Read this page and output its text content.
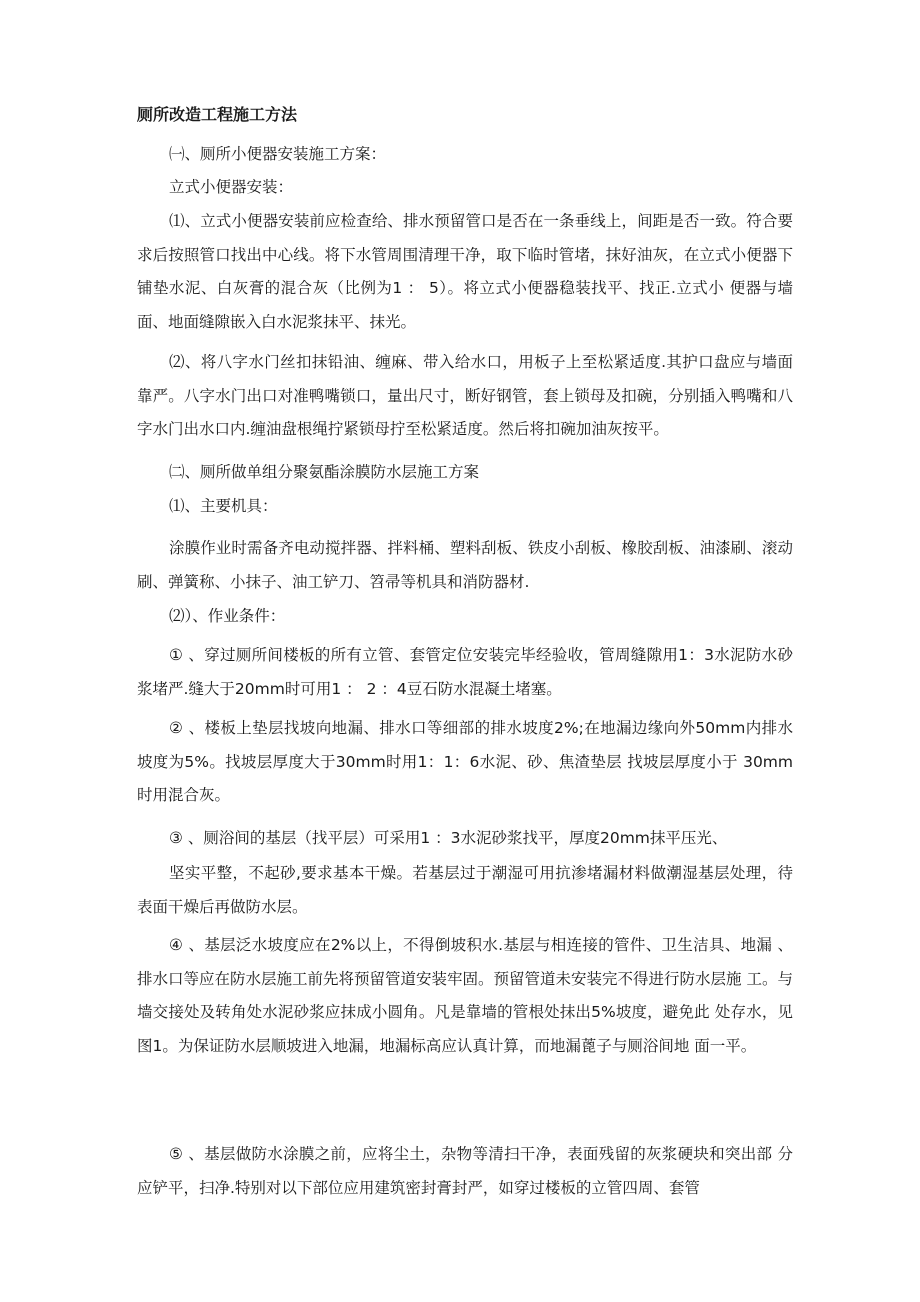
厕所改造工程施工方法

㈠、厕所小便器安装施工方案：

立式小便器安装：

⑴、立式小便器安装前应检查给、排水预留管口是否在一条垂线上，间距是否一致。符合要求后按照管口找出中心线。将下水管周围清理干净，取下临时管堵，抹好油灰，在立式小便器下铺垫水泥、白灰膏的混合灰（比例为1 ： 5）。将立式小便器稳装找平、找正.立式小 便器与墙面、地面缝隙嵌入白水泥浆抹平、抹光。

⑵、将八字水门丝扣抹铅油、缠麻、带入给水口，用板子上至松紧适度.其护口盘应与墙面靠严。八字水门出口对准鸭嘴锁口，量出尺寸，断好钢管，套上锁母及扣碗，分别插入鸭嘴和八字水门出水口内.缠油盘根绳拧紧锁母拧至松紧适度。然后将扣碗加油灰按平。

㈡、厕所做单组分聚氨酯涂膜防水层施工方案

⑴、主要机具：

涂膜作业时需备齐电动搅拌器、拌料桶、塑料刮板、铁皮小刮板、橡胶刮板、油漆刷、滚动刷、弹簧称、小抹子、油工铲刀、笤帚等机具和消防器材.

⑵）、作业条件：

① 、穿过厕所间楼板的所有立管、套管定位安装完毕经验收，管周缝隙用1：3水泥防水砂浆堵严.缝大于20mm时可用1 ： 2 ：4豆石防水混凝土堵塞。

② 、楼板上垫层找坡向地漏、排水口等细部的排水坡度2%;在地漏边缘向外50mm内排水坡度为5%。找坡层厚度大于30mm时用1：1：6水泥、砂、焦渣垫层 找坡层厚度小于 30mm时用混合灰。

③ 、厕浴间的基层（找平层）可采用1 ：3水泥砂浆找平，厚度20mm抹平压光、

坚实平整，不起砂,要求基本干燥。若基层过于潮湿可用抗渗堵漏材料做潮湿基层处理，待表面干燥后再做防水层。

④ 、基层泛水坡度应在2%以上，不得倒坡积水.基层与相连接的管件、卫生洁具、地漏 、 排水口等应在防水层施工前先将预留管道安装牢固。预留管道未安装完不得进行防水层施 工。与墙交接处及转角处水泥砂浆应抹成小圆角。凡是靠墙的管根处抹出5%坡度，避免此 处存水，见图1。为保证防水层顺坡进入地漏，地漏标高应认真计算，而地漏蓖子与厕浴间地 面一平。

⑤ 、基层做防水涂膜之前，应将尘土，杂物等清扫干净，表面残留的灰浆硬块和突出部 分应铲平，扫净.特别对以下部位应用建筑密封膏封严，如穿过楼板的立管四周、套管
